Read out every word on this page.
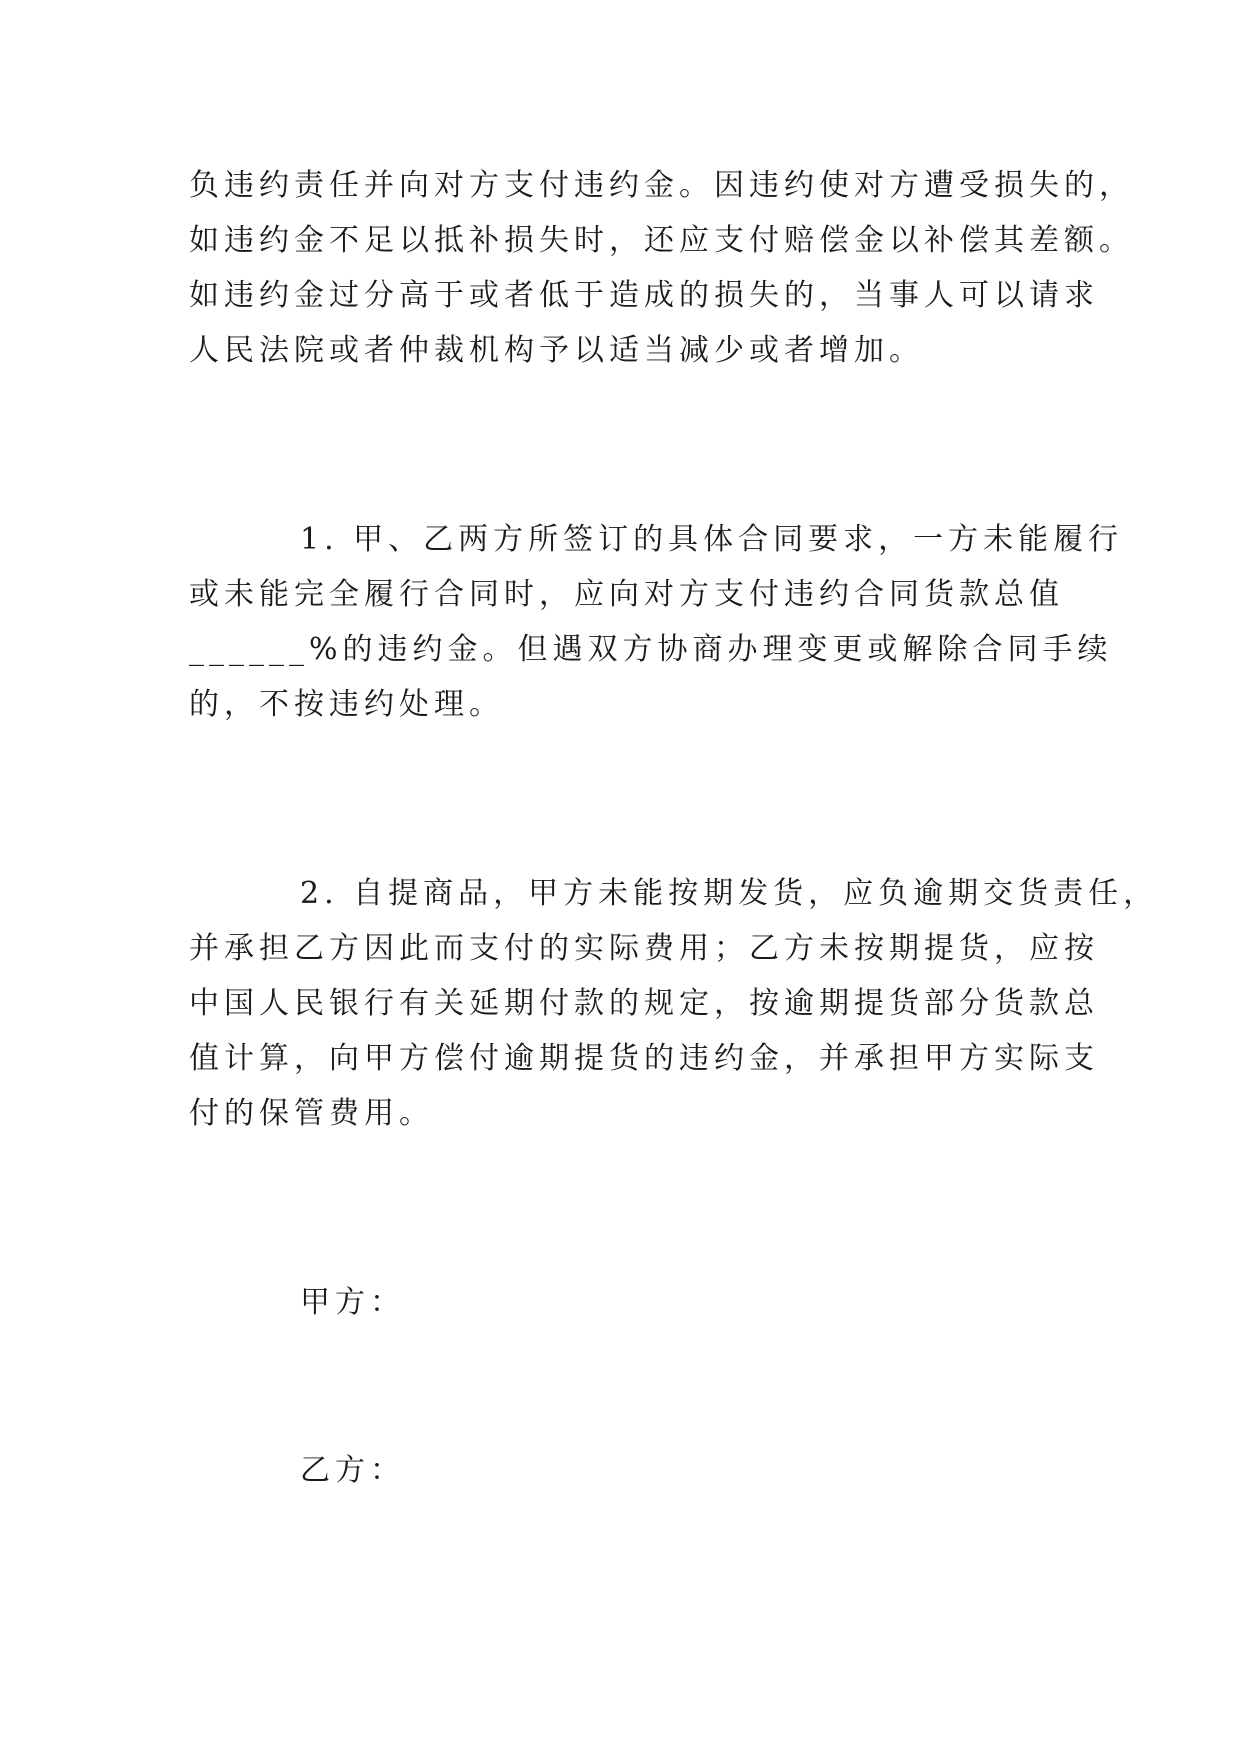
负违约责任并向对方支付违约金。因违约使对方遭受损失的，
如违约金不足以抵补损失时，还应支付赔偿金以补偿其差额。
如违约金过分高于或者低于造成的损失的，当事人可以请求
人民法院或者仲裁机构予以适当减少或者增加。
1. 甲、乙两方所签订的具体合同要求，一方未能履行
或未能完全履行合同时，应向对方支付违约合同货款总值
______%的违约金。但遇双方协商办理变更或解除合同手续
的，不按违约处理。
2. 自提商品，甲方未能按期发货，应负逾期交货责任，
并承担乙方因此而支付的实际费用；乙方未按期提货，应按
中国人民银行有关延期付款的规定，按逾期提货部分货款总
值计算，向甲方偿付逾期提货的违约金，并承担甲方实际支
付的保管费用。
甲方：
乙方：
